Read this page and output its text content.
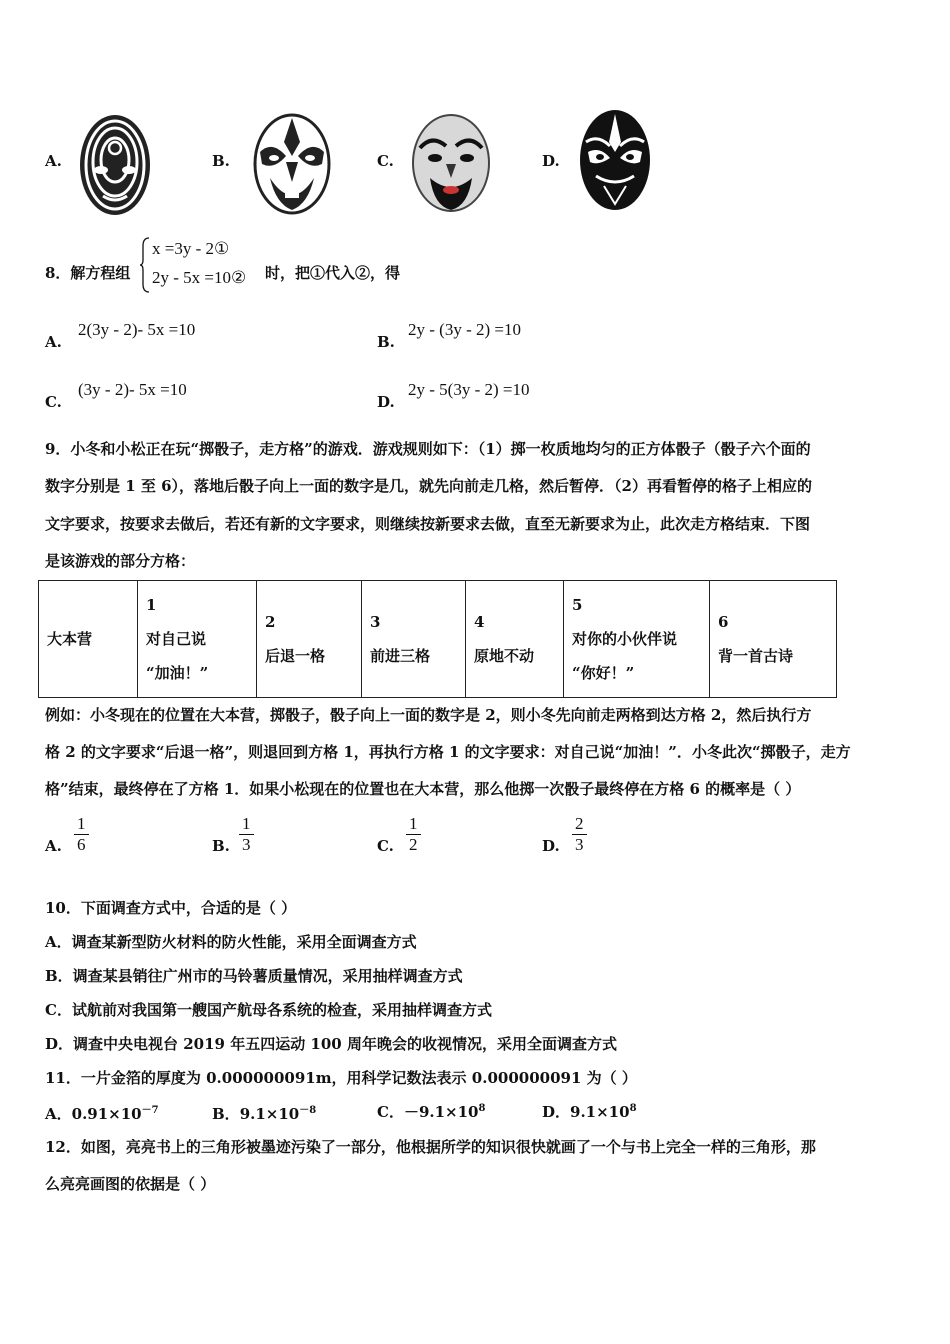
A.	B.	C.	D.
8．解方程组
x =3y - 2①
2y - 5x =10② 时，把①代入②，得
A.
2(3y - 2)- 5x =10
B.
2y - (3y - 2) =10
C.
(3y - 2)- 5x =10
D.
2y - 5(3y - 2) =10
9．小冬和小松正在玩“掷骰子，走方格”的游戏．游戏规则如下：（1）掷一枚质地均匀的正方体骰子（骰子六个面的
数字分别是 1 至 6），落地后骰子向上一面的数字是几，就先向前走几格，然后暂停．（2）再看暂停的格子上相应的
文字要求，按要求去做后，若还有新的文字要求，则继续按新要求去做，直至无新要求为止，此次走方格结束．下图
是该游戏的部分方格：
大本营

1
对自己说
“加油！”

2
后退一格

3
前进三格

4
原地不动

5
对你的小伙伴说
“你好！”

6
背一首古诗
例如：小冬现在的位置在大本营，掷骰子，骰子向上一面的数字是 2，则小冬先向前走两格到达方格 2，然后执行方
格 2 的文字要求“后退一格”，则退回到方格 1，再执行方格 1 的文字要求：对自己说“加油！”．小冬此次“掷骰子，走方
格”结束，最终停在了方格 1．如果小松现在的位置也在大本营，那么他掷一次骰子最终停在方格 6 的概率是（ ）
A. $\frac{1}{6}$	B. $\frac{1}{3}$	C. $\frac{1}{2}$	D. $\frac{2}{3}$
10．下面调查方式中，合适的是（ ）
A．调查某新型防火材料的防火性能，采用全面调查方式
B．调查某县销往广州市的马铃薯质量情况，采用抽样调查方式
C．试航前对我国第一艘国产航母各系统的检查，采用抽样调查方式
D．调查中央电视台 2019 年五四运动 100 周年晚会的收视情况，采用全面调查方式
11．一片金箔的厚度为 0.000000091m，用科学记数法表示 0.000000091 为（ ）
A．$0.91\times 10^{-7}$	B．$9.1\times 10^{-8}$	C．$-9.1\times 10^8$	D．$9.1\times 10^8$
12．如图，亮亮书上的三角形被墨迹污染了一部分，他根据所学的知识很快就画了一个与书上完全一样的三角形，那
么亮亮画图的依据是（ ）
